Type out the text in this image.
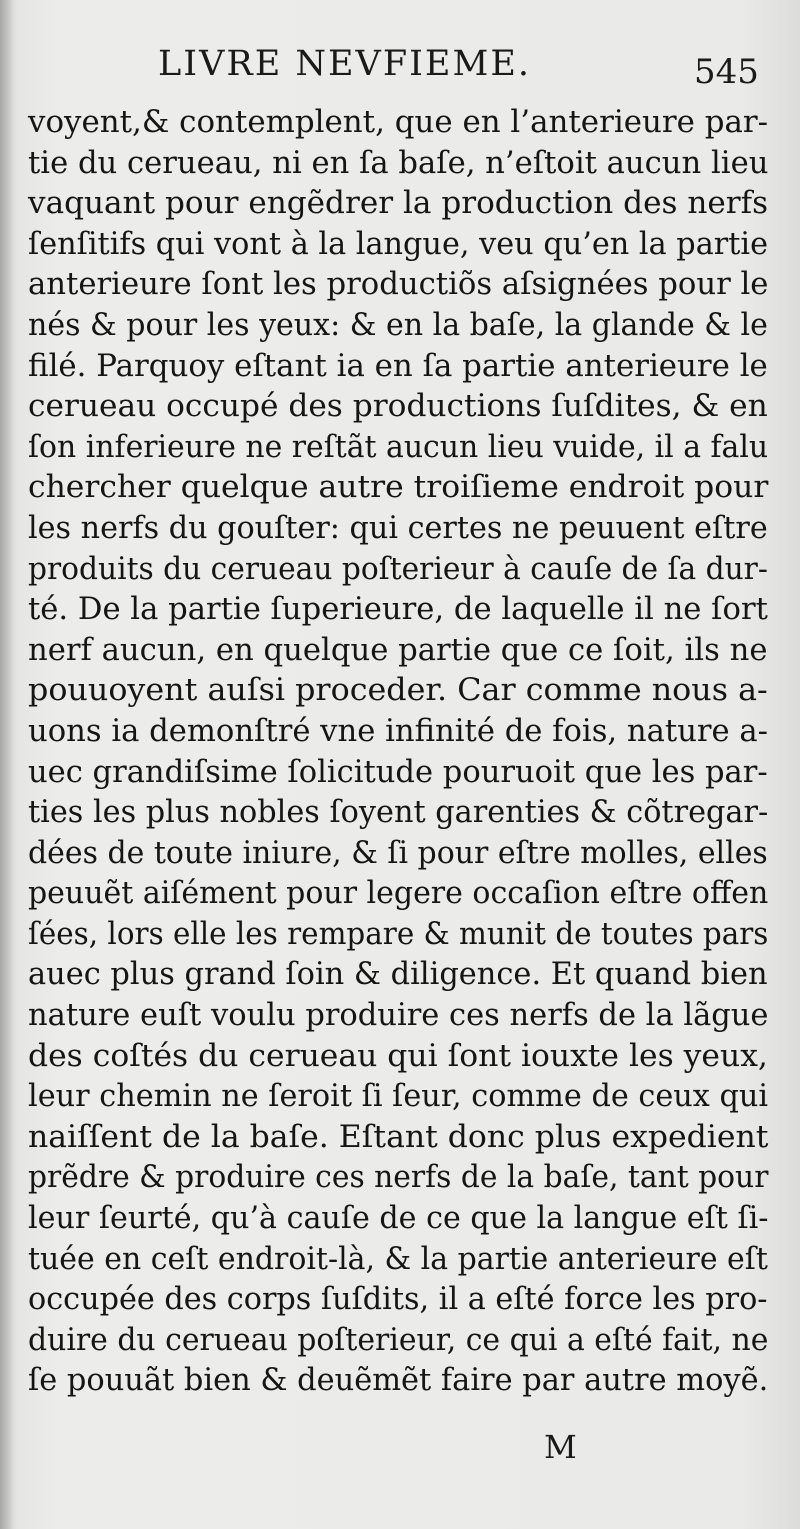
LIVRE NEVFIEME.	545
voyent,& contemplent, que en l’anterieure par-
tie du cerueau, ni en ſa baſe, n’eſtoit aucun lieu
vaquant pour engẽdrer la production des nerfs
ſenſitifs qui vont à la langue, veu qu’en la partie
anterieure ſont les productiõs aſsignées pour le
nés & pour les yeux: & en la baſe, la glande & le
filé. Parquoy eſtant ia en ſa partie anterieure le
cerueau occupé des productions ſuſdites, & en
ſon inferieure ne reſtãt aucun lieu vuide, il a falu
chercher quelque autre troiſieme endroit pour
les nerfs du gouſter: qui certes ne peuuent eſtre
produits du cerueau poſterieur à cauſe de ſa dur-
té. De la partie ſuperieure, de laquelle il ne ſort
nerf aucun, en quelque partie que ce ſoit, ils ne
pouuoyent auſsi proceder. Car comme nous a-
uons ia demonſtré vne infinité de fois, nature a-
uec grandiſsime ſolicitude pouruoit que les par-
ties les plus nobles ſoyent garenties & cõtregar-
dées de toute iniure, & ſi pour eſtre molles, elles
peuuẽt aiſément pour legere occaſion eſtre offen
ſées, lors elle les rempare & munit de toutes pars
auec plus grand ſoin & diligence. Et quand bien
nature euſt voulu produire ces nerfs de la lãgue
des coſtés du cerueau qui ſont iouxte les yeux,
leur chemin ne ſeroit ſi ſeur, comme de ceux qui
naiſſent de la baſe. Eſtant donc plus expedient
prẽdre & produire ces nerfs de la baſe, tant pour
leur ſeurté, qu’à cauſe de ce que la langue eſt ſi-
tuée en ceſt endroit-là, & la partie anterieure eſt
occupée des corps ſuſdits, il a eſté force les pro-
duire du cerueau poſterieur, ce qui a eſté fait, ne
ſe pouuãt bien & deuẽmẽt faire par autre moyẽ.
M
